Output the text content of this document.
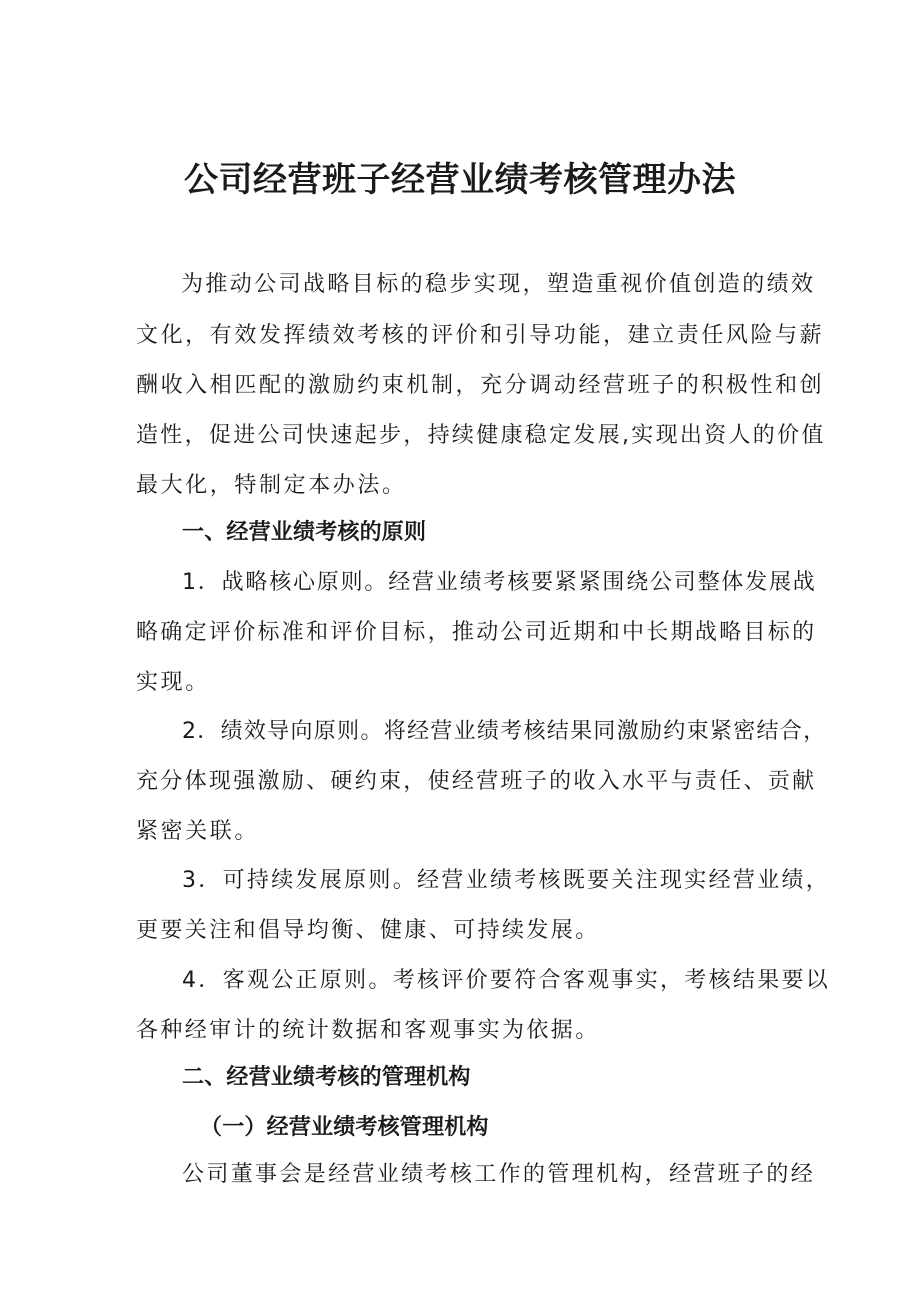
公司经营班子经营业绩考核管理办法
为推动公司战略目标的稳步实现，塑造重视价值创造的绩效
文化，有效发挥绩效考核的评价和引导功能，建立责任风险与薪
酬收入相匹配的激励约束机制，充分调动经营班子的积极性和创
造性，促进公司快速起步，持续健康稳定发展,实现出资人的价值
最大化，特制定本办法。
一、经营业绩考核的原则
1．战略核心原则。经营业绩考核要紧紧围绕公司整体发展战
略确定评价标准和评价目标，推动公司近期和中长期战略目标的
实现。
2．绩效导向原则。将经营业绩考核结果同激励约束紧密结合，
充分体现强激励、硬约束，使经营班子的收入水平与责任、贡献
紧密关联。
3．可持续发展原则。经营业绩考核既要关注现实经营业绩，
更要关注和倡导均衡、健康、可持续发展。
4．客观公正原则。考核评价要符合客观事实，考核结果要以
各种经审计的统计数据和客观事实为依据。
二、经营业绩考核的管理机构
（一）经营业绩考核管理机构
公司董事会是经营业绩考核工作的管理机构，经营班子的经
